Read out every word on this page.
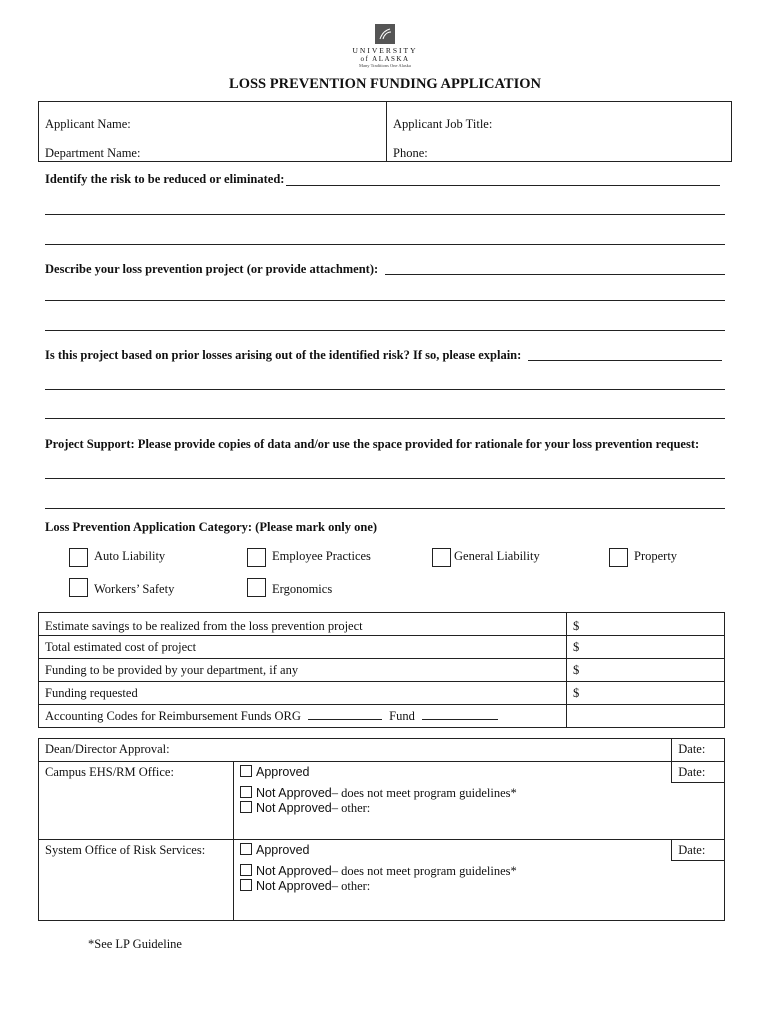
UNIVERSITY
of ALASKA
Many Traditions One Alaska
LOSS PREVENTION FUNDING APPLICATION
Applicant Name:	Applicant Job Title:
Department Name:	Phone:
Identify the risk to be reduced or eliminated:
Describe your loss prevention project (or provide attachment):
Is this project based on prior losses arising out of the identified risk? If so, please explain:
Project Support: Please provide copies of data and/or use the space provided for rationale for your loss prevention request:
Loss Prevention Application Category: (Please mark only one)
Auto Liability	Employee Practices	General Liability	Property
Workers’ Safety	Ergonomics
Estimate savings to be realized from the loss prevention project	$
Total estimated cost of project	$
Funding to be provided by your department, if any	$
Funding requested	$
Accounting Codes for Reimbursement Funds ORG Fund	
Dean/Director Approval:		Date:
Campus EHS/RM Office:	Approved	Date:

	Not Approved– does not meet program guidelines*
Not Approved– other:	

System Office of Risk Services:	Approved	Date:

	Not Approved– does not meet program guidelines*
Not Approved– other:	
*See LP Guideline
